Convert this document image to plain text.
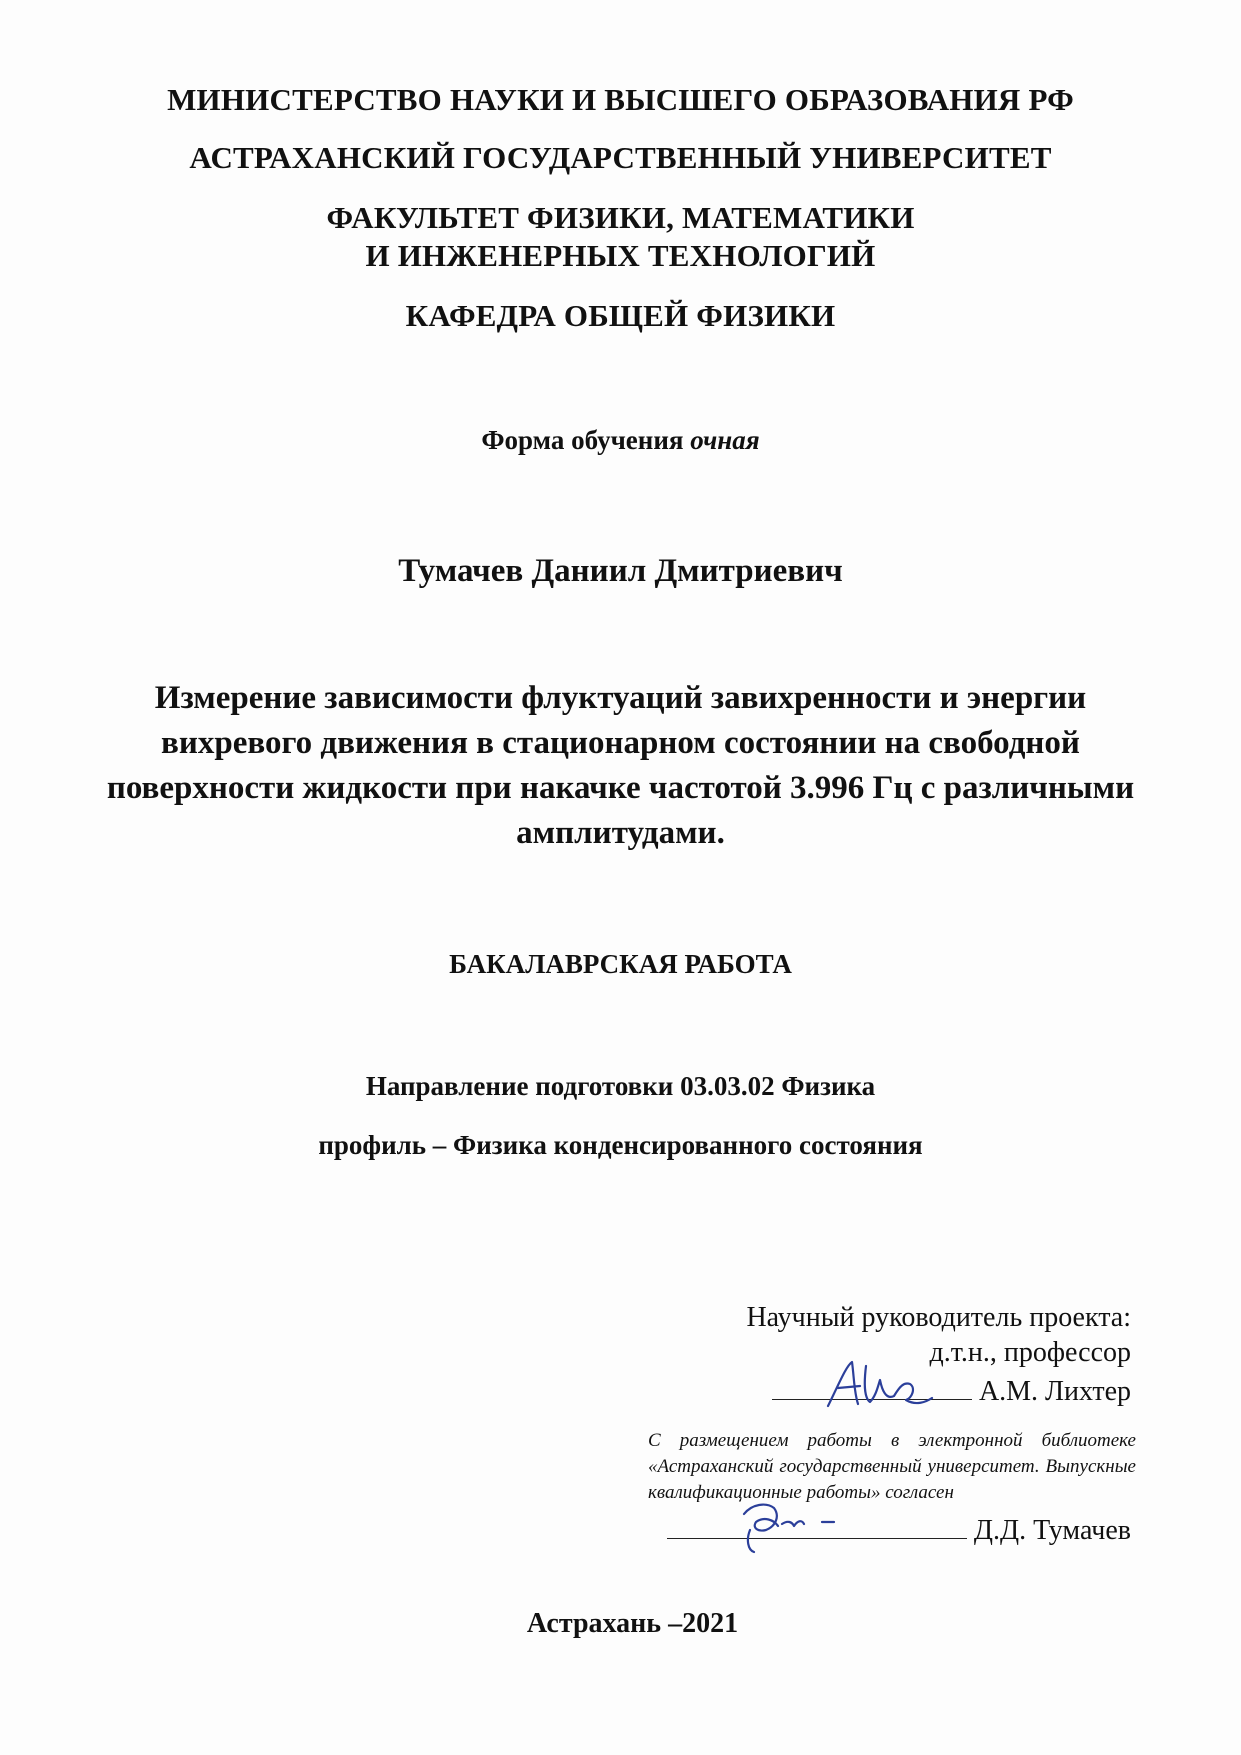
МИНИСТЕРСТВО НАУКИ И ВЫСШЕГО ОБРАЗОВАНИЯ РФ
АСТРАХАНСКИЙ ГОСУДАРСТВЕННЫЙ УНИВЕРСИТЕТ
ФАКУЛЬТЕТ ФИЗИКИ, МАТЕМАТИКИ
И ИНЖЕНЕРНЫХ ТЕХНОЛОГИЙ
КАФЕДРА ОБЩЕЙ ФИЗИКИ
Форма обучения очная
Тумачев Даниил Дмитриевич
Измерение зависимости флуктуаций завихренности и энергии вихревого движения в стационарном состоянии на свободной поверхности жидкости при накачке частотой 3.996 Гц с различными амплитудами.
БАКАЛАВРСКАЯ РАБОТА
Направление подготовки 03.03.02 Физика
профиль – Физика конденсированного состояния
Научный руководитель проекта:
д.т.н., профессор
А.М. Лихтер
С размещением работы в электронной библиотеке «Астраханский государственный университет. Выпускные квалификационные работы» согласен
Д.Д. Тумачев
Астрахань –2021
